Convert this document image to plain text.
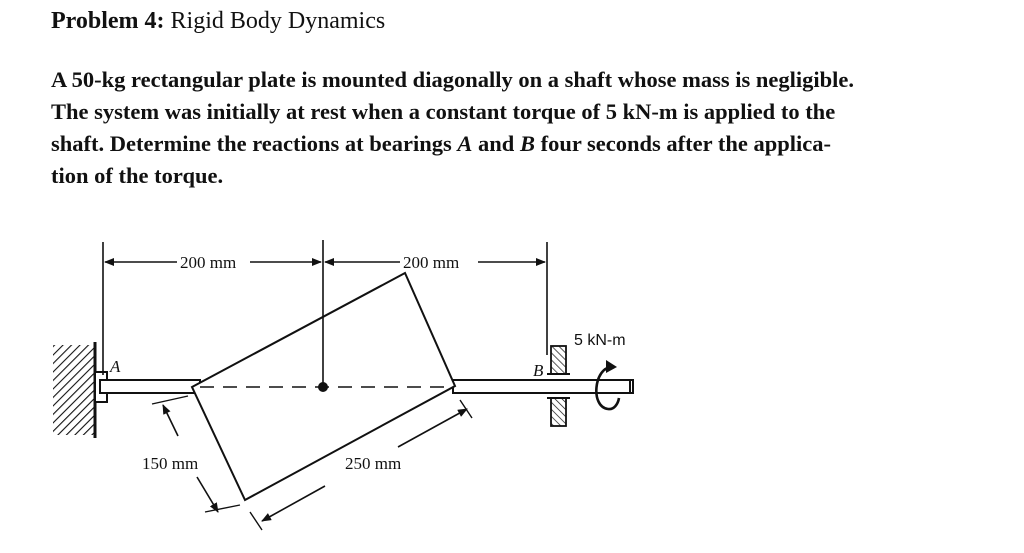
Problem 4: Rigid Body Dynamics
A 50-kg rectangular plate is mounted diagonally on a shaft whose mass is negligible.
The system was initially at rest when a constant torque of 5 kN-m is applied to the
shaft. Determine the reactions at bearings A and B four seconds after the applica-
tion of the torque.
A
200 mm	200 mm
150 mm	250 mm
B
5 kN-m
